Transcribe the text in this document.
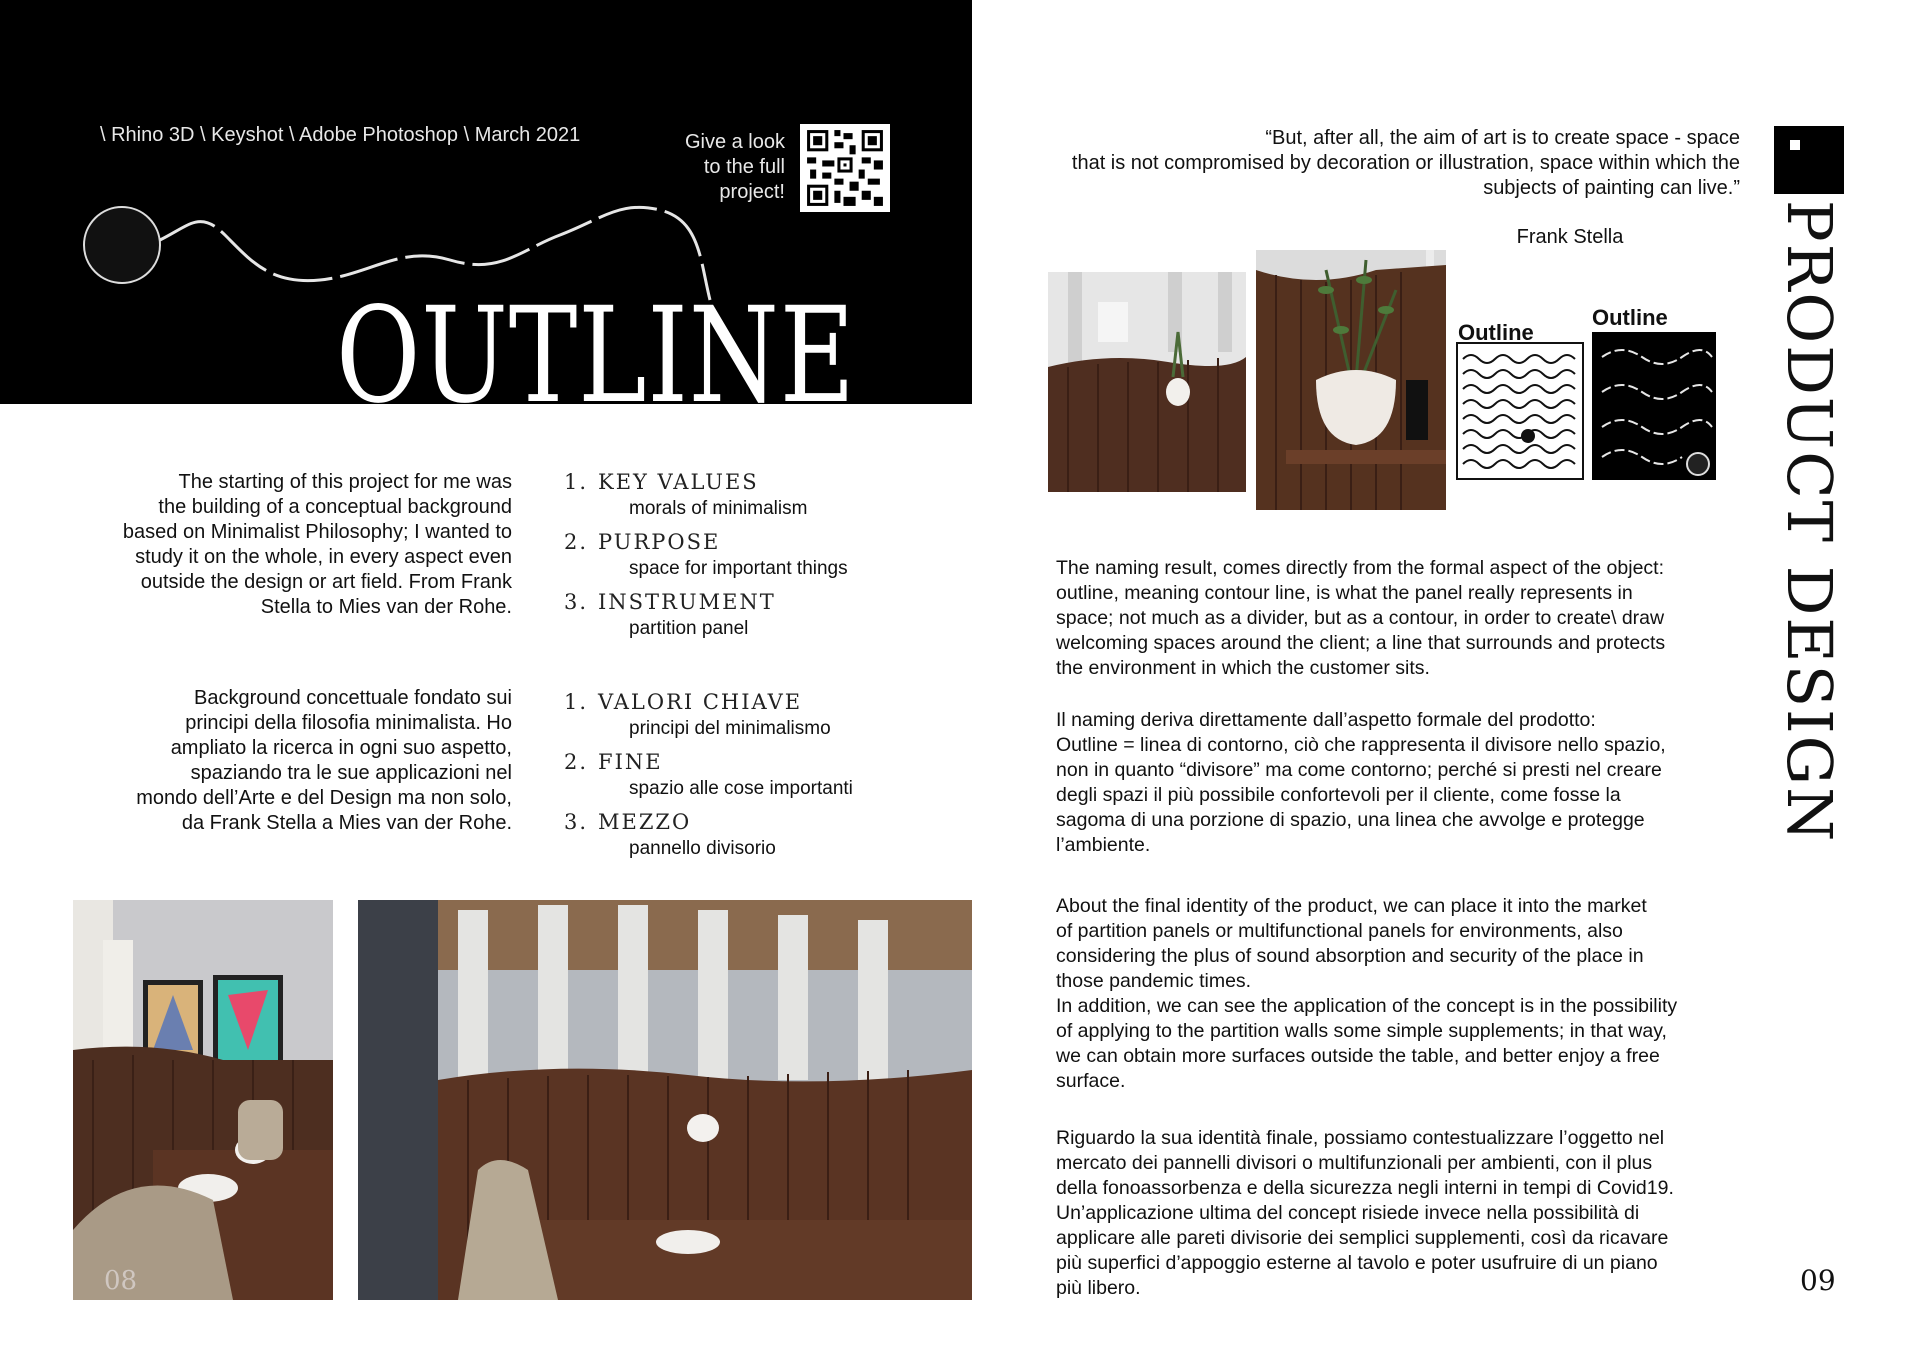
\ Rhino 3D \ Keyshot \ Adobe Photoshop \ March 2021	Give a look
to the full
project!
OUTLINE
The starting of this project for me was
the building of a conceptual background
based on Minimalist Philosophy; I wanted to
study it on the whole, in every aspect even
outside the design or art field. From Frank
Stella to Mies van der Rohe.
Background concettuale fondato sui
principi della filosofia minimalista. Ho
ampliato la ricerca in ogni suo aspetto,
spaziando tra le sue applicazioni nel
mondo dell’Arte e del Design ma non solo,
da Frank Stella a Mies van der Rohe.
1. KEY VALUES
morals of minimalism
2. PURPOSE
space for important things
3. INSTRUMENT
partition panel
1. VALORI CHIAVE
principi del minimalismo
2. FINE
spazio alle cose importanti
3. MEZZO
pannello divisorio
08
“But, after all, the aim of art is to create space - space
that is not compromised by decoration or illustration, space within which the
subjects of painting can live.”
Frank Stella
Outline
Outline
The naming result, comes directly from the formal aspect of the object:
outline, meaning contour line, is what the panel really represents in
space; not much as a divider, but as a contour, in order to create\ draw
welcoming spaces around the client; a line that surrounds and protects
the environment in which the customer sits.
Il naming deriva direttamente dall’aspetto formale del prodotto:
Outline = linea di contorno, ciò che rappresenta il divisore nello spazio,
non in quanto “divisore” ma come contorno; perché si presti nel creare
degli spazi il più possibile confortevoli per il cliente, come fosse la
sagoma di una porzione di spazio, una linea che avvolge e protegge
l’ambiente.
About the final identity of the product, we can place it into the market
of partition panels or multifunctional panels for environments, also
considering the plus of sound absorption and security of the place in
those pandemic times.
In addition, we can see the application of the concept is in the possibility
of applying to the partition walls some simple supplements; in that way,
we can obtain more surfaces outside the table, and better enjoy a free
surface.
Riguardo la sua identità finale, possiamo contestualizzare l’oggetto nel
mercato dei pannelli divisori o multifunzionali per ambienti, con il plus
della fonoassorbenza e della sicurezza negli interni in tempi di Covid19.
Un’applicazione ultima del concept risiede invece nella possibilità di
applicare alle pareti divisorie dei semplici supplementi, così da ricavare
più superfici d’appoggio esterne al tavolo e poter usufruire di un piano
più libero.
PRODUCT DESIGN
09
